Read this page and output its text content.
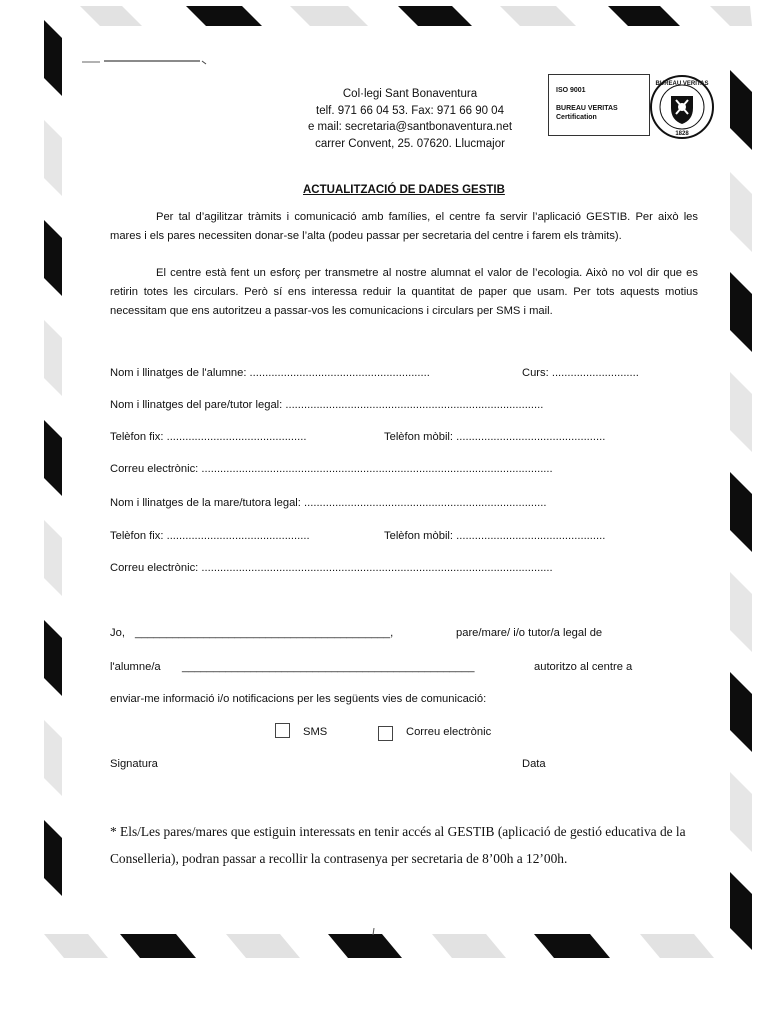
Col·legi Sant Bonaventura
telf. 971 66 04 53. Fax: 971 66 90 04
e mail: secretaria@santbonaventura.net
carrer Convent, 25. 07620. Llucmajor
ISO 9001
BUREAU VERITAS
Certification
BUREAU VERITAS
1828
ACTUALITZACIÓ DE DADES GESTIB
Per tal d’agilitzar tràmits i comunicació amb famílies, el centre fa servir l’aplicació GESTIB. Per això les mares i els pares necessiten donar-se l’alta (podeu passar per secretaria del centre i farem els tràmits).
El centre està fent un esforç per transmetre al nostre alumnat el valor de l’ecologia. Això no vol dir que es retirin totes les circulars. Però sí ens interessa reduir la quantitat de paper que usam. Per tots aquests motius necessitam que ens autoritzeu a passar-vos les comunicacions i circulars per SMS i mail.
Nom i llinatges de l'alumne: ..........................................................	Curs: ............................
Nom i llinatges del pare/tutor legal: ...................................................................................
Telèfon fix: .............................................	Telèfon mòbil: ................................................
Correu electrònic: .................................................................................................................
Nom i llinatges de la mare/tutora legal: ..............................................................................
Telèfon fix: ..............................................	Telèfon mòbil: ................................................
Correu electrònic: .................................................................................................................
Jo, _________________________________________,	pare/mare/ i/o tutor/a legal de
l'alumne/a _______________________________________________	autoritzo al centre a
enviar-me informació i/o notificacions per les següents vies de comunicació:
SMS	Correu electrònic
Signatura	Data
* Els/Les pares/mares que estiguin interessats en tenir accés al GESTIB (aplicació de gestió educativa de la Conselleria), podran passar a recollir la contrasenya per secretaria de 8’00h a 12’00h.
